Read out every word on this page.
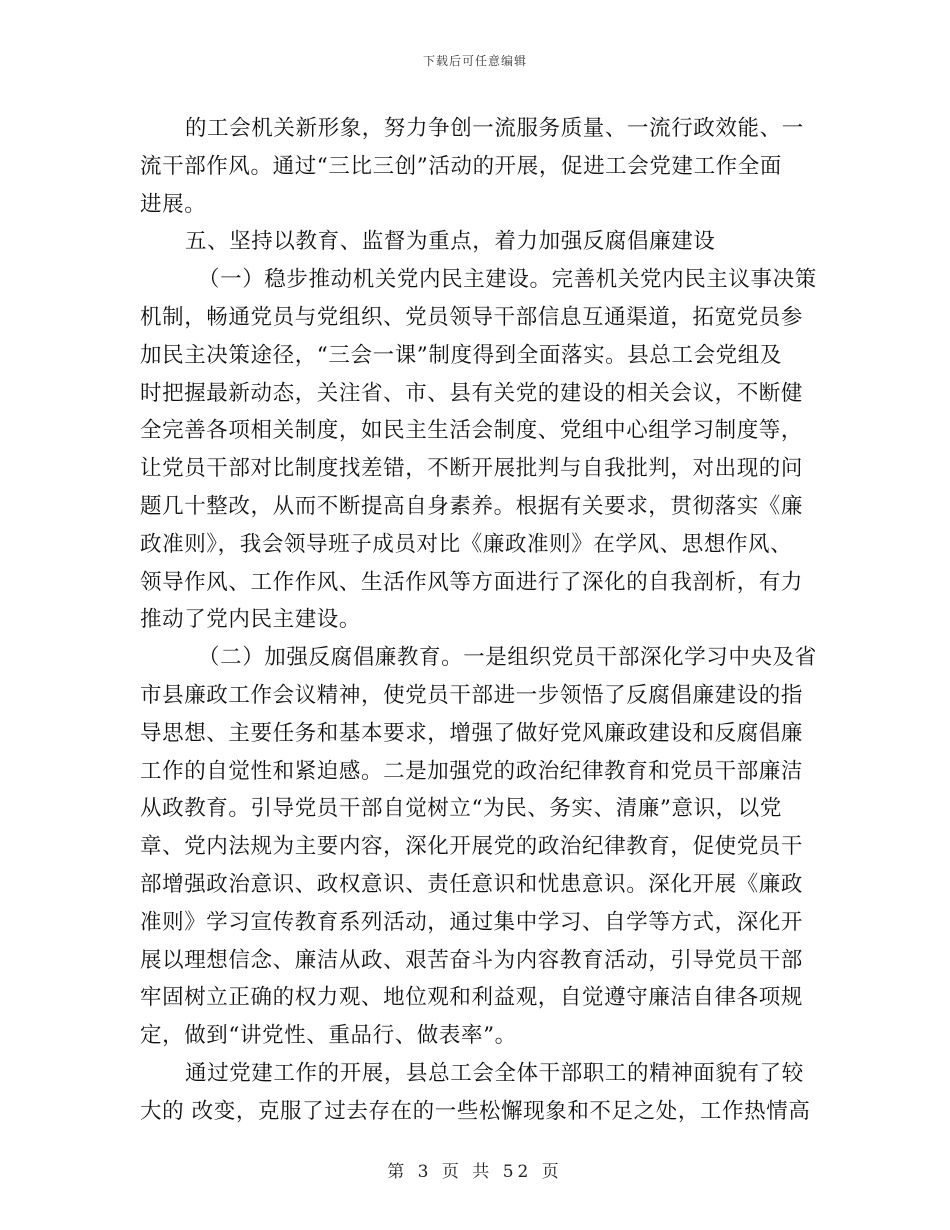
下载后可任意编辑
的工会机关新形象，努力争创一流服务质量、一流行政效能、一
流干部作风。通过“三比三创”活动的开展，促进工会党建工作全面
进展。
五、坚持以教育、监督为重点，着力加强反腐倡廉建设
（一）稳步推动机关党内民主建设。完善机关党内民主议事决策
机制，畅通党员与党组织、党员领导干部信息互通渠道，拓宽党员参
加民主决策途径，“三会一课”制度得到全面落实。县总工会党组及
时把握最新动态，关注省、市、县有关党的建设的相关会议，不断健
全完善各项相关制度，如民主生活会制度、党组中心组学习制度等，
让党员干部对比制度找差错，不断开展批判与自我批判，对出现的问
题几十整改，从而不断提高自身素养。根据有关要求，贯彻落实《廉
政准则》，我会领导班子成员对比《廉政准则》在学风、思想作风、
领导作风、工作作风、生活作风等方面进行了深化的自我剖析，有力
推动了党内民主建设。
（二）加强反腐倡廉教育。一是组织党员干部深化学习中央及省
市县廉政工作会议精神，使党员干部进一步领悟了反腐倡廉建设的指
导思想、主要任务和基本要求，增强了做好党风廉政建设和反腐倡廉
工作的自觉性和紧迫感。二是加强党的政治纪律教育和党员干部廉洁
从政教育。引导党员干部自觉树立“为民、务实、清廉”意识，以党
章、党内法规为主要内容，深化开展党的政治纪律教育，促使党员干
部增强政治意识、政权意识、责任意识和忧患意识。深化开展《廉政
准则》学习宣传教育系列活动，通过集中学习、自学等方式，深化开
展以理想信念、廉洁从政、艰苦奋斗为内容教育活动，引导党员干部
牢固树立正确的权力观、地位观和利益观，自觉遵守廉洁自律各项规
定，做到“讲党性、重品行、做表率”。
通过党建工作的开展，县总工会全体干部职工的精神面貌有了较
大的 改变，克服了过去存在的一些松懈现象和不足之处，工作热情高
第 3 页 共 52 页
